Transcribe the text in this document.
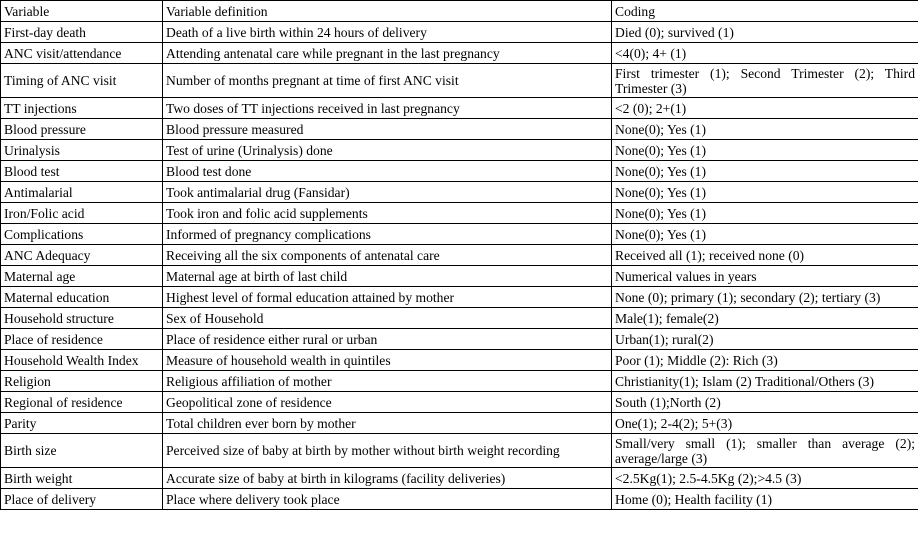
Variable	Variable definition	Coding
First-day death	Death of a live birth within 24 hours of delivery	Died (0); survived (1)
ANC visit/attendance	Attending antenatal care while pregnant in the last pregnancy	<4(0); 4+ (1)
Timing of ANC visit	Number of months pregnant at time of first ANC visit	First trimester (1); Second Trimester (2); Third Trimester (3)
TT injections	Two doses of TT injections received in last pregnancy	<2 (0); 2+(1)
Blood pressure	Blood pressure measured	None(0); Yes (1)
Urinalysis	Test of urine (Urinalysis) done	None(0); Yes (1)
Blood test	Blood test done	None(0); Yes (1)
Antimalarial	Took antimalarial drug (Fansidar)	None(0); Yes (1)
Iron/Folic acid	Took iron and folic acid supplements	None(0); Yes (1)
Complications	Informed of pregnancy complications	None(0); Yes (1)
ANC Adequacy	Receiving all the six components of antenatal care	Received all (1); received none (0)
Maternal age	Maternal age at birth of last child	Numerical values in years
Maternal education	Highest level of formal education attained by mother	None (0); primary (1); secondary (2); tertiary (3)
Household structure	Sex of Household	Male(1); female(2)
Place of residence	Place of residence either rural or urban	Urban(1); rural(2)
Household Wealth Index	Measure of household wealth in quintiles	Poor (1); Middle (2): Rich (3)
Religion	Religious affiliation of mother	Christianity(1); Islam (2) Traditional/Others (3)
Regional of residence	Geopolitical zone of residence	South (1);North (2)
Parity	Total children ever born by mother	One(1); 2-4(2); 5+(3)
Birth size	Perceived size of baby at birth by mother without birth weight recording	Small/very small (1); smaller than average (2); average/large (3)
Birth weight	Accurate size of baby at birth in kilograms (facility deliveries)	<2.5Kg(1); 2.5-4.5Kg (2);>4.5 (3)
Place of delivery	Place where delivery took place	Home (0); Health facility (1)
